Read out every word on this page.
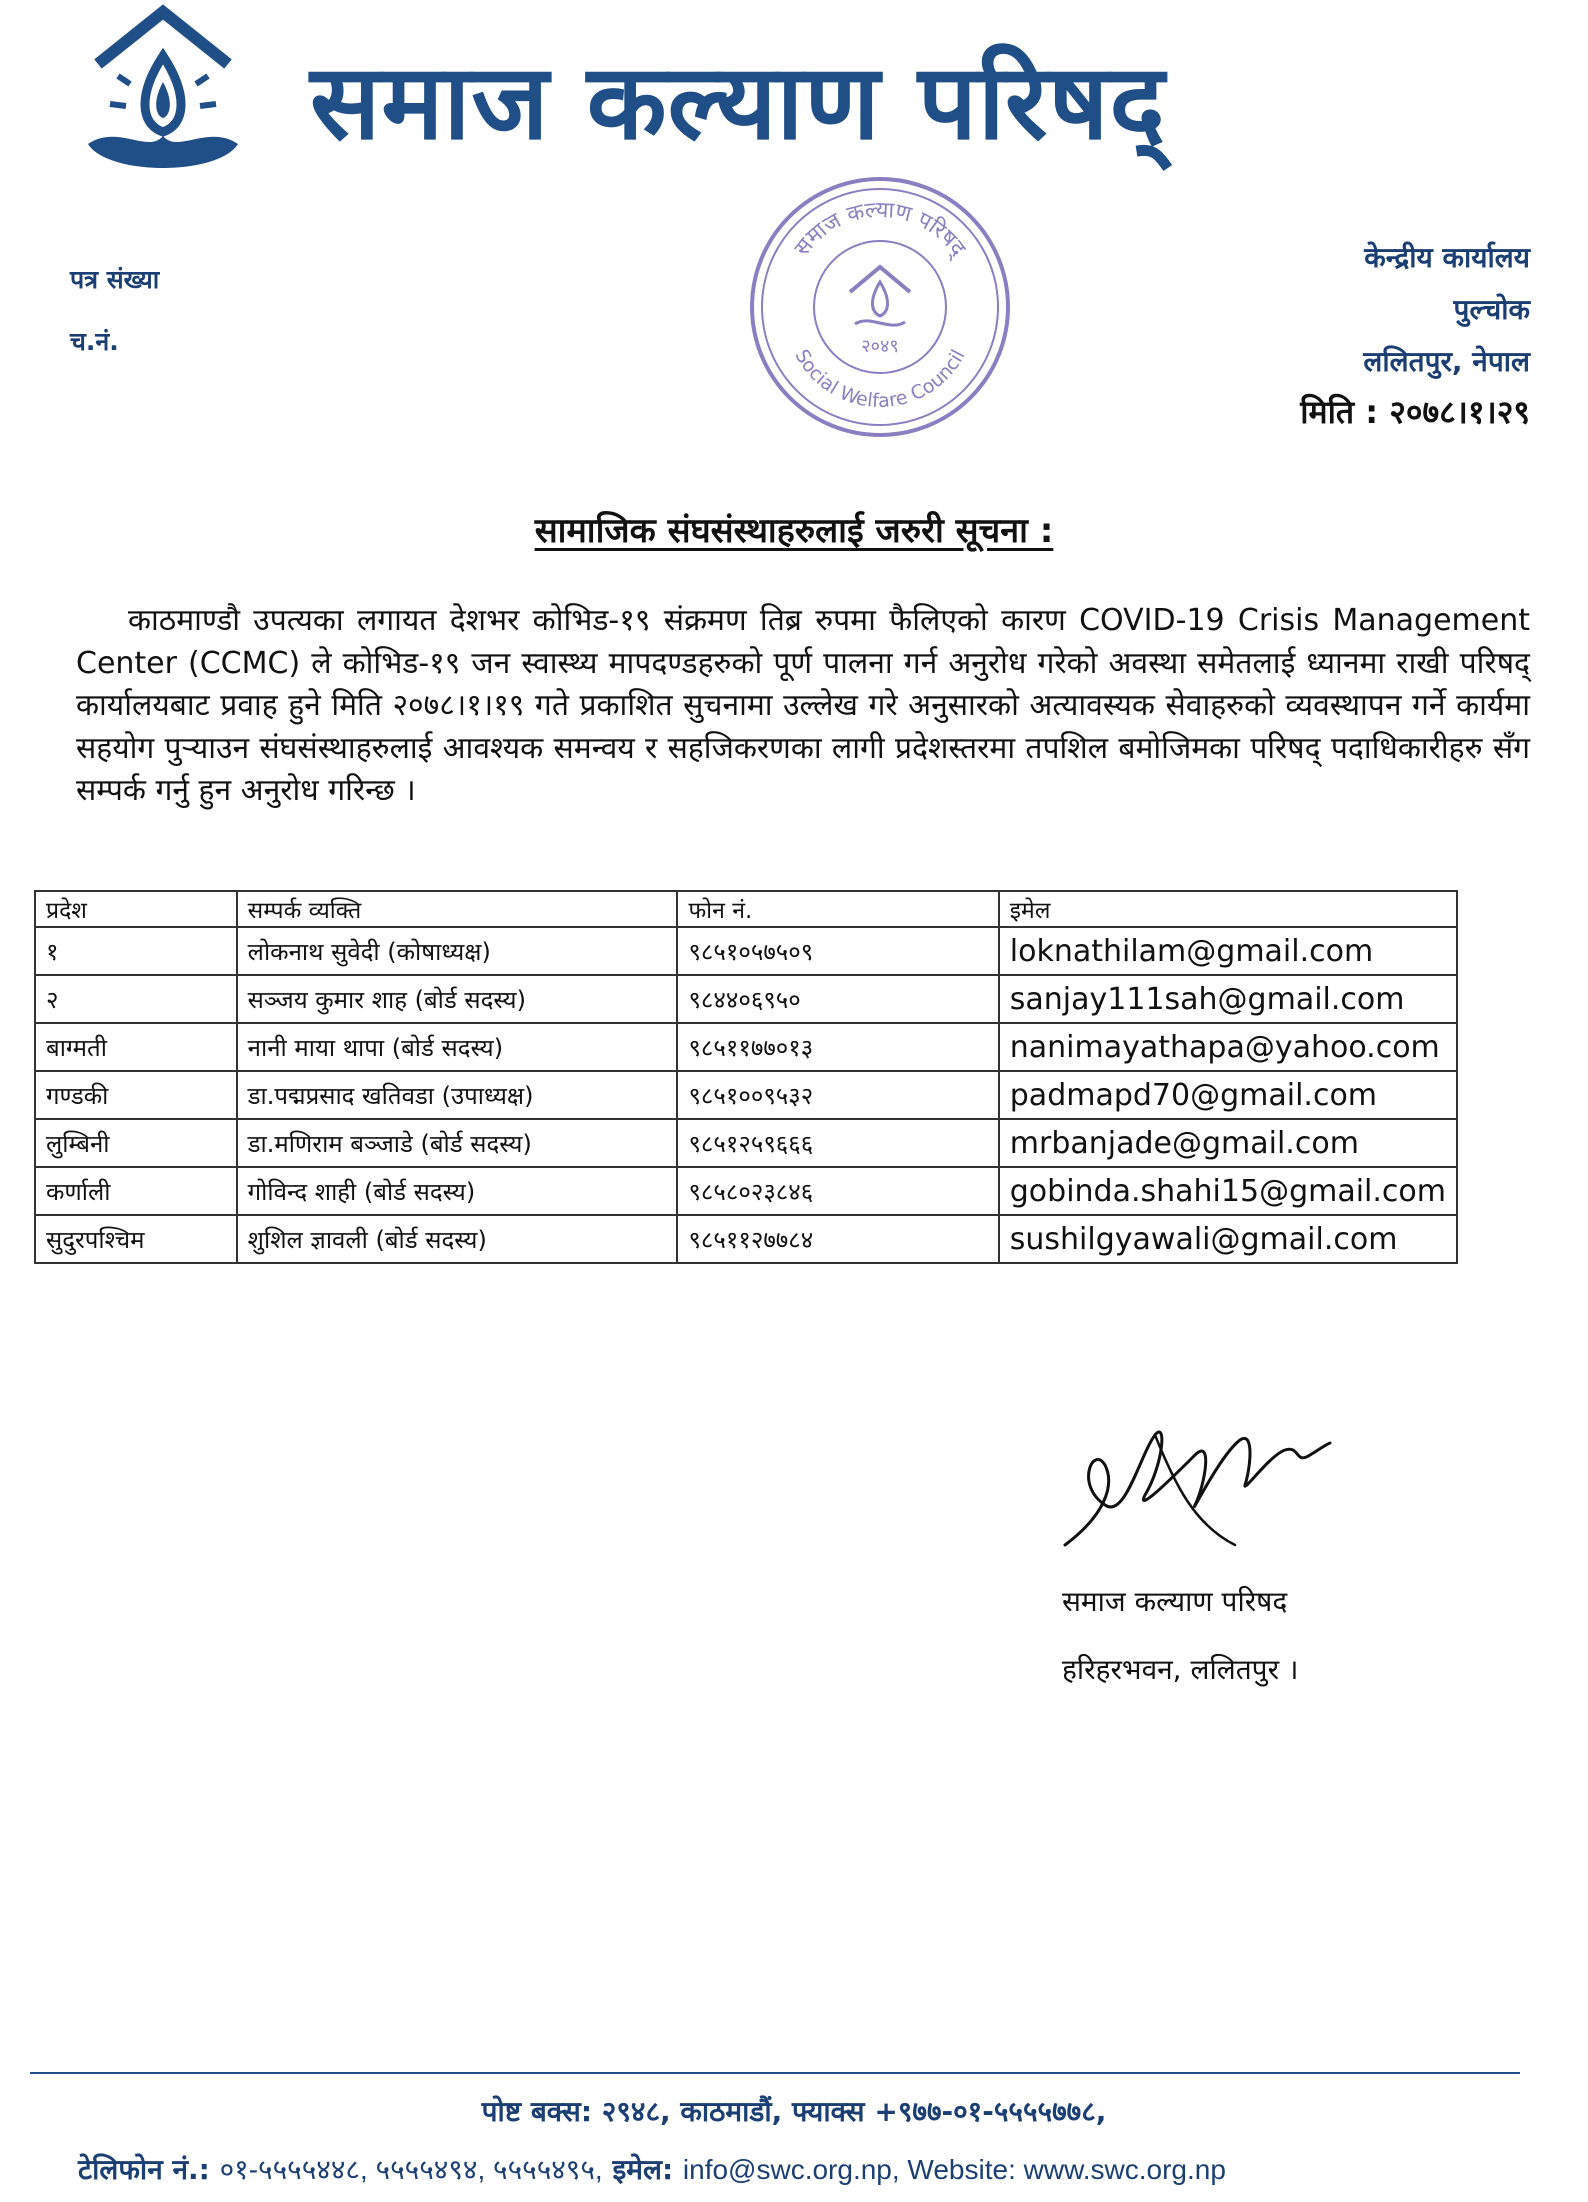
समाज कल्याण परिषद्
पत्र संख्या
च.नं.
समाज कल्याण परिषद्
Social Welfare Council
२०४९
केन्द्रीय कार्यालय
पुल्चोक
ललितपुर, नेपाल
मिति : २०७८।१।२९
सामाजिक संघसंस्थाहरुलाई जरुरी सूचना :
काठमाण्डौ उपत्यका लगायत देशभर कोभिड-१९ संक्रमण तिब्र रुपमा फैलिएको कारण COVID-19 Crisis Management Center (CCMC) ले कोभिड-१९ जन स्वास्थ्य मापदण्डहरुको पूर्ण पालना गर्न अनुरोध गरेको अवस्था समेतलाई ध्यानमा राखी परिषद् कार्यालयबाट प्रवाह हुने मिति २०७८।१।१९ गते प्रकाशित सुचनामा उल्लेख गरे अनुसारको अत्यावस्यक सेवाहरुको व्यवस्थापन गर्ने कार्यमा सहयोग पुऱ्याउन संघसंस्थाहरुलाई आवश्यक समन्वय र सहजिकरणका लागी प्रदेशस्तरमा तपशिल बमोजिमका परिषद् पदाधिकारीहरु सँग सम्पर्क गर्नु हुन अनुरोध गरिन्छ ।
प्रदेश	सम्पर्क व्यक्ति	फोन नं.	इमेल
१	लोकनाथ सुवेदी (कोषाध्यक्ष)	९८५१०५७५०९	loknathilam@gmail.com
२	सञ्जय कुमार शाह (बोर्ड सदस्य)	९८४४०६९५०	sanjay111sah@gmail.com
बाग्मती	नानी माया थापा (बोर्ड सदस्य)	९८५११७७०१३	nanimayathapa@yahoo.com
गण्डकी	डा.पद्मप्रसाद खतिवडा (उपाध्यक्ष)	९८५१००९५३२	padmapd70@gmail.com
लुम्बिनी	डा.मणिराम बञ्जाडे (बोर्ड सदस्य)	९८५१२५९६६६	mrbanjade@gmail.com
कर्णाली	गोविन्द शाही (बोर्ड सदस्य)	९८५८०२३८४६	gobinda.shahi15@gmail.com
सुदुरपश्चिम	शुशिल ज्ञावली (बोर्ड सदस्य)	९८५११२७७८४	sushilgyawali@gmail.com
समाज कल्याण परिषद
हरिहरभवन, ललितपुर ।
पोष्ट बक्स: २९४८, काठमाडौं, फ्याक्स +९७७-०१-५५५५७७८,
टेलिफोन नं.: ०१-५५५५४४८, ५५५५४९४, ५५५५४९५, इमेल: info@swc.org.np, Website: www.swc.org.np
